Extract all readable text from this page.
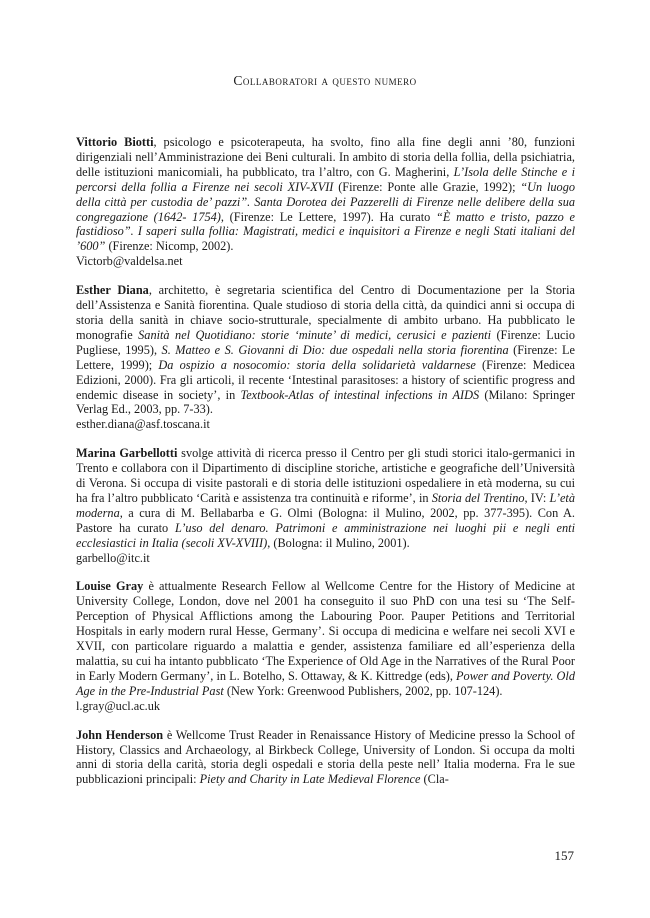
Collaboratori a questo numero

Vittorio Biotti, psicologo e psicoterapeuta, ha svolto, fino alla fine degli anni ’80, funzioni dirigenziali nell’Amministrazione dei Beni culturali. In ambito di storia della follia, della psichiatria, delle istituzioni manicomiali, ha pubblicato, tra l’altro, con G. Magherini, L’Isola delle Stinche e i percorsi della follia a Firenze nei secoli XIV-XVII (Firenze: Ponte alle Grazie, 1992); “Un luogo della città per custodia de’ pazzi”. Santa Dorotea dei Pazzerelli di Firenze nelle delibere della sua congregazione (1642- 1754), (Firenze: Le Lettere, 1997). Ha curato “È matto e tristo, pazzo e fastidioso”. I saperi sulla follia: Magistrati, medici e inquisitori a Firenze e negli Stati italiani del ’600” (Firenze: Nicomp, 2002).
Victorb@valdelsa.net

Esther Diana, architetto, è segretaria scientifica del Centro di Documentazione per la Storia dell’Assistenza e Sanità fiorentina. Quale studioso di storia della città, da quindici anni si occupa di storia della sanità in chiave socio-strutturale, specialmente di ambito urbano. Ha pubblicato le monografie Sanità nel Quotidiano: storie ‘minute’ di medici, cerusici e pazienti (Firenze: Lucio Pugliese, 1995), S. Matteo e S. Giovanni di Dio: due ospedali nella storia fiorentina (Firenze: Le Lettere, 1999); Da ospizio a nosocomio: storia della solidarietà valdarnese (Firenze: Medicea Edizioni, 2000). Fra gli articoli, il recente ‘Intestinal parasitoses: a history of scientific progress and endemic disease in society’, in Textbook-Atlas of intestinal infections in AIDS (Milano: Springer Verlag Ed., 2003, pp. 7-33).
esther.diana@asf.toscana.it

Marina Garbellotti svolge attività di ricerca presso il Centro per gli studi storici italo-germanici in Trento e collabora con il Dipartimento di discipline storiche, artistiche e geografiche dell’Università di Verona. Si occupa di visite pastorali e di storia delle istituzioni ospedaliere in età moderna, su cui ha fra l’altro pubblicato ‘Carità e assistenza tra continuità e riforme’, in Storia del Trentino, IV: L’età moderna, a cura di M. Bellabarba e G. Olmi (Bologna: il Mulino, 2002, pp. 377-395). Con A. Pastore ha curato L’uso del denaro. Patrimoni e amministrazione nei luoghi pii e negli enti ecclesiastici in Italia (secoli XV-XVIII), (Bologna: il Mulino, 2001).
garbello@itc.it

Louise Gray è attualmente Research Fellow al Wellcome Centre for the History of Medicine at University College, London, dove nel 2001 ha conseguito il suo PhD con una tesi su ‘The Self-Perception of Physical Afflictions among the Labouring Poor. Pauper Petitions and Territorial Hospitals in early modern rural Hesse, Germany’. Si occupa di medicina e welfare nei secoli XVI e XVII, con particolare riguardo a malattia e gender, assistenza familiare ed all’esperienza della malattia, su cui ha intanto pubblicato ‘The Experience of Old Age in the Narratives of the Rural Poor in Early Modern Germany’, in L. Botelho, S. Ottaway, & K. Kittredge (eds), Power and Poverty. Old Age in the Pre-Industrial Past (New York: Greenwood Publishers, 2002, pp. 107-124).
l.gray@ucl.ac.uk

John Henderson è Wellcome Trust Reader in Renaissance History of Medicine presso la School of History, Classics and Archaeology, al Birkbeck College, University of London. Si occupa da molti anni di storia della carità, storia degli ospedali e storia della peste nell’ Italia moderna. Fra le sue pubblicazioni principali: Piety and Charity in Late Medieval Florence (Cla-

157
